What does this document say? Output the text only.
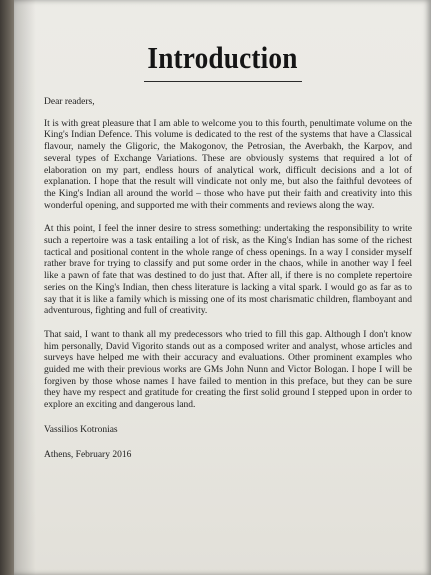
Introduction

Dear readers,

It is with great pleasure that I am able to welcome you to this fourth, penultimate volume on the King's Indian Defence. This volume is dedicated to the rest of the systems that have a Classical flavour, namely the Gligoric, the Makogonov, the Petrosian, the Averbakh, the Karpov, and several types of Exchange Variations. These are obviously systems that required a lot of elaboration on my part, endless hours of analytical work, difficult decisions and a lot of explanation. I hope that the result will vindicate not only me, but also the faithful devotees of the King's Indian all around the world – those who have put their faith and creativity into this wonderful opening, and supported me with their comments and reviews along the way.

At this point, I feel the inner desire to stress something: undertaking the responsibility to write such a repertoire was a task entailing a lot of risk, as the King's Indian has some of the richest tactical and positional content in the whole range of chess openings. In a way I consider myself rather brave for trying to classify and put some order in the chaos, while in another way I feel like a pawn of fate that was destined to do just that. After all, if there is no complete repertoire series on the King's Indian, then chess literature is lacking a vital spark. I would go as far as to say that it is like a family which is missing one of its most charismatic children, flamboyant and adventurous, fighting and full of creativity.

That said, I want to thank all my predecessors who tried to fill this gap. Although I don't know him personally, David Vigorito stands out as a composed writer and analyst, whose articles and surveys have helped me with their accuracy and evaluations. Other prominent examples who guided me with their previous works are GMs John Nunn and Victor Bologan. I hope I will be forgiven by those whose names I have failed to mention in this preface, but they can be sure they have my respect and gratitude for creating the first solid ground I stepped upon in order to explore an exciting and dangerous land.

Vassilios Kotronias

Athens, February 2016
